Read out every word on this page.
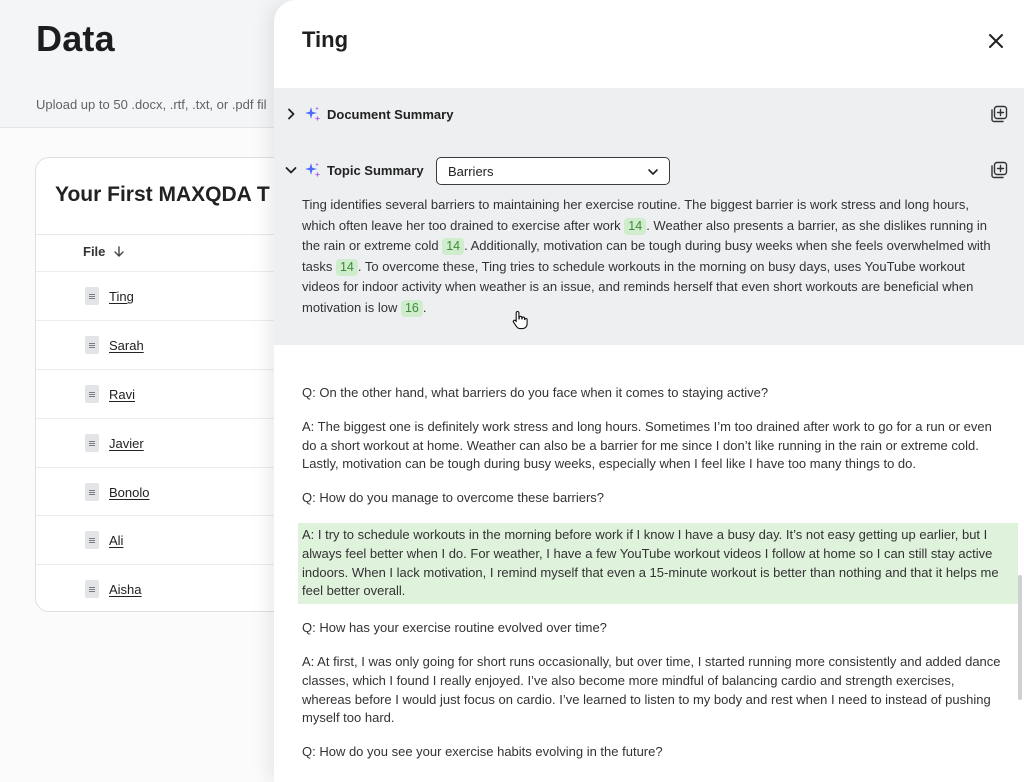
Data
Upload up to 50 .docx, .rtf, .txt, or .pdf fil
Your First MAXQDA T
File
Ting
Sarah
Ravi
Javier
Bonolo
Ali
Aisha
Ting
Document Summary
Topic Summary Barriers
Ting identifies several barriers to maintaining her exercise routine. The biggest barrier is work stress and long hours, which often leave her too drained to exercise after work 14 . Weather also presents a barrier, as she dislikes running in the rain or extreme cold 14 . Additionally, motivation can be tough during busy weeks when she feels overwhelmed with tasks 14 . To overcome these, Ting tries to schedule workouts in the morning on busy days, uses YouTube workout videos for indoor activity when weather is an issue, and reminds herself that even short workouts are beneficial when motivation is low 16 .

Q: On the other hand, what barriers do you face when it comes to staying active?

A: The biggest one is definitely work stress and long hours. Sometimes I’m too drained after work to go for a run or even do a short workout at home. Weather can also be a barrier for me since I don’t like running in the rain or extreme cold. Lastly, motivation can be tough during busy weeks, especially when I feel like I have too many things to do.

Q: How do you manage to overcome these barriers?

A: I try to schedule workouts in the morning before work if I know I have a busy day. It’s not easy getting up earlier, but I always feel better when I do. For weather, I have a few YouTube workout videos I follow at home so I can still stay active indoors. When I lack motivation, I remind myself that even a 15-minute workout is better than nothing and that it helps me feel better overall.

Q: How has your exercise routine evolved over time?

A: At first, I was only going for short runs occasionally, but over time, I started running more consistently and added dance classes, which I found I really enjoyed. I’ve also become more mindful of balancing cardio and strength exercises, whereas before I would just focus on cardio. I’ve learned to listen to my body and rest when I need to instead of pushing myself too hard.

Q: How do you see your exercise habits evolving in the future?
